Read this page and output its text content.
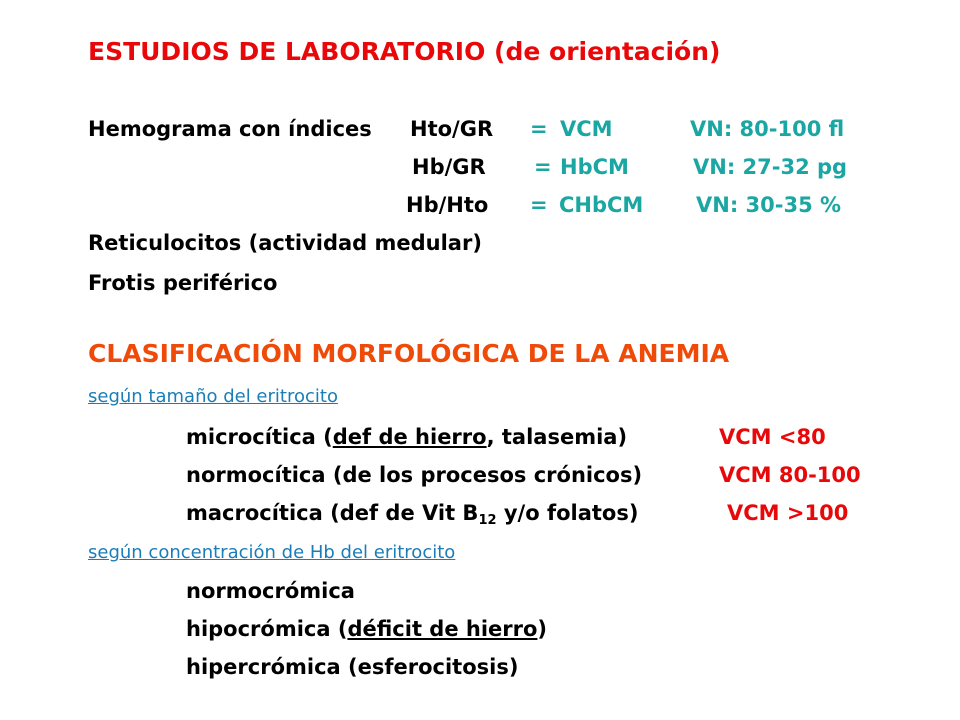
ESTUDIOS DE LABORATORIO (de orientación)
Hemograma con índices Hto/GR = VCM	VN: 80-100 fl
Hb/GR = HbCM	VN: 27-32 pg
Hb/Hto = CHbCM	VN: 30-35 %
Reticulocitos (actividad medular)
Frotis periférico
CLASIFICACIÓN MORFOLÓGICA DE LA ANEMIA
según tamaño del eritrocito
microcítica (def de hierro, talasemia)	VCM <80
normocítica (de los procesos crónicos)	VCM 80-100
macrocítica (def de Vit $B_{12}$ y/o folatos)	VCM >100
según concentración de Hb del eritrocito
normocrómica
hipocrómica (déficit de hierro)
hipercrómica (esferocitosis)
